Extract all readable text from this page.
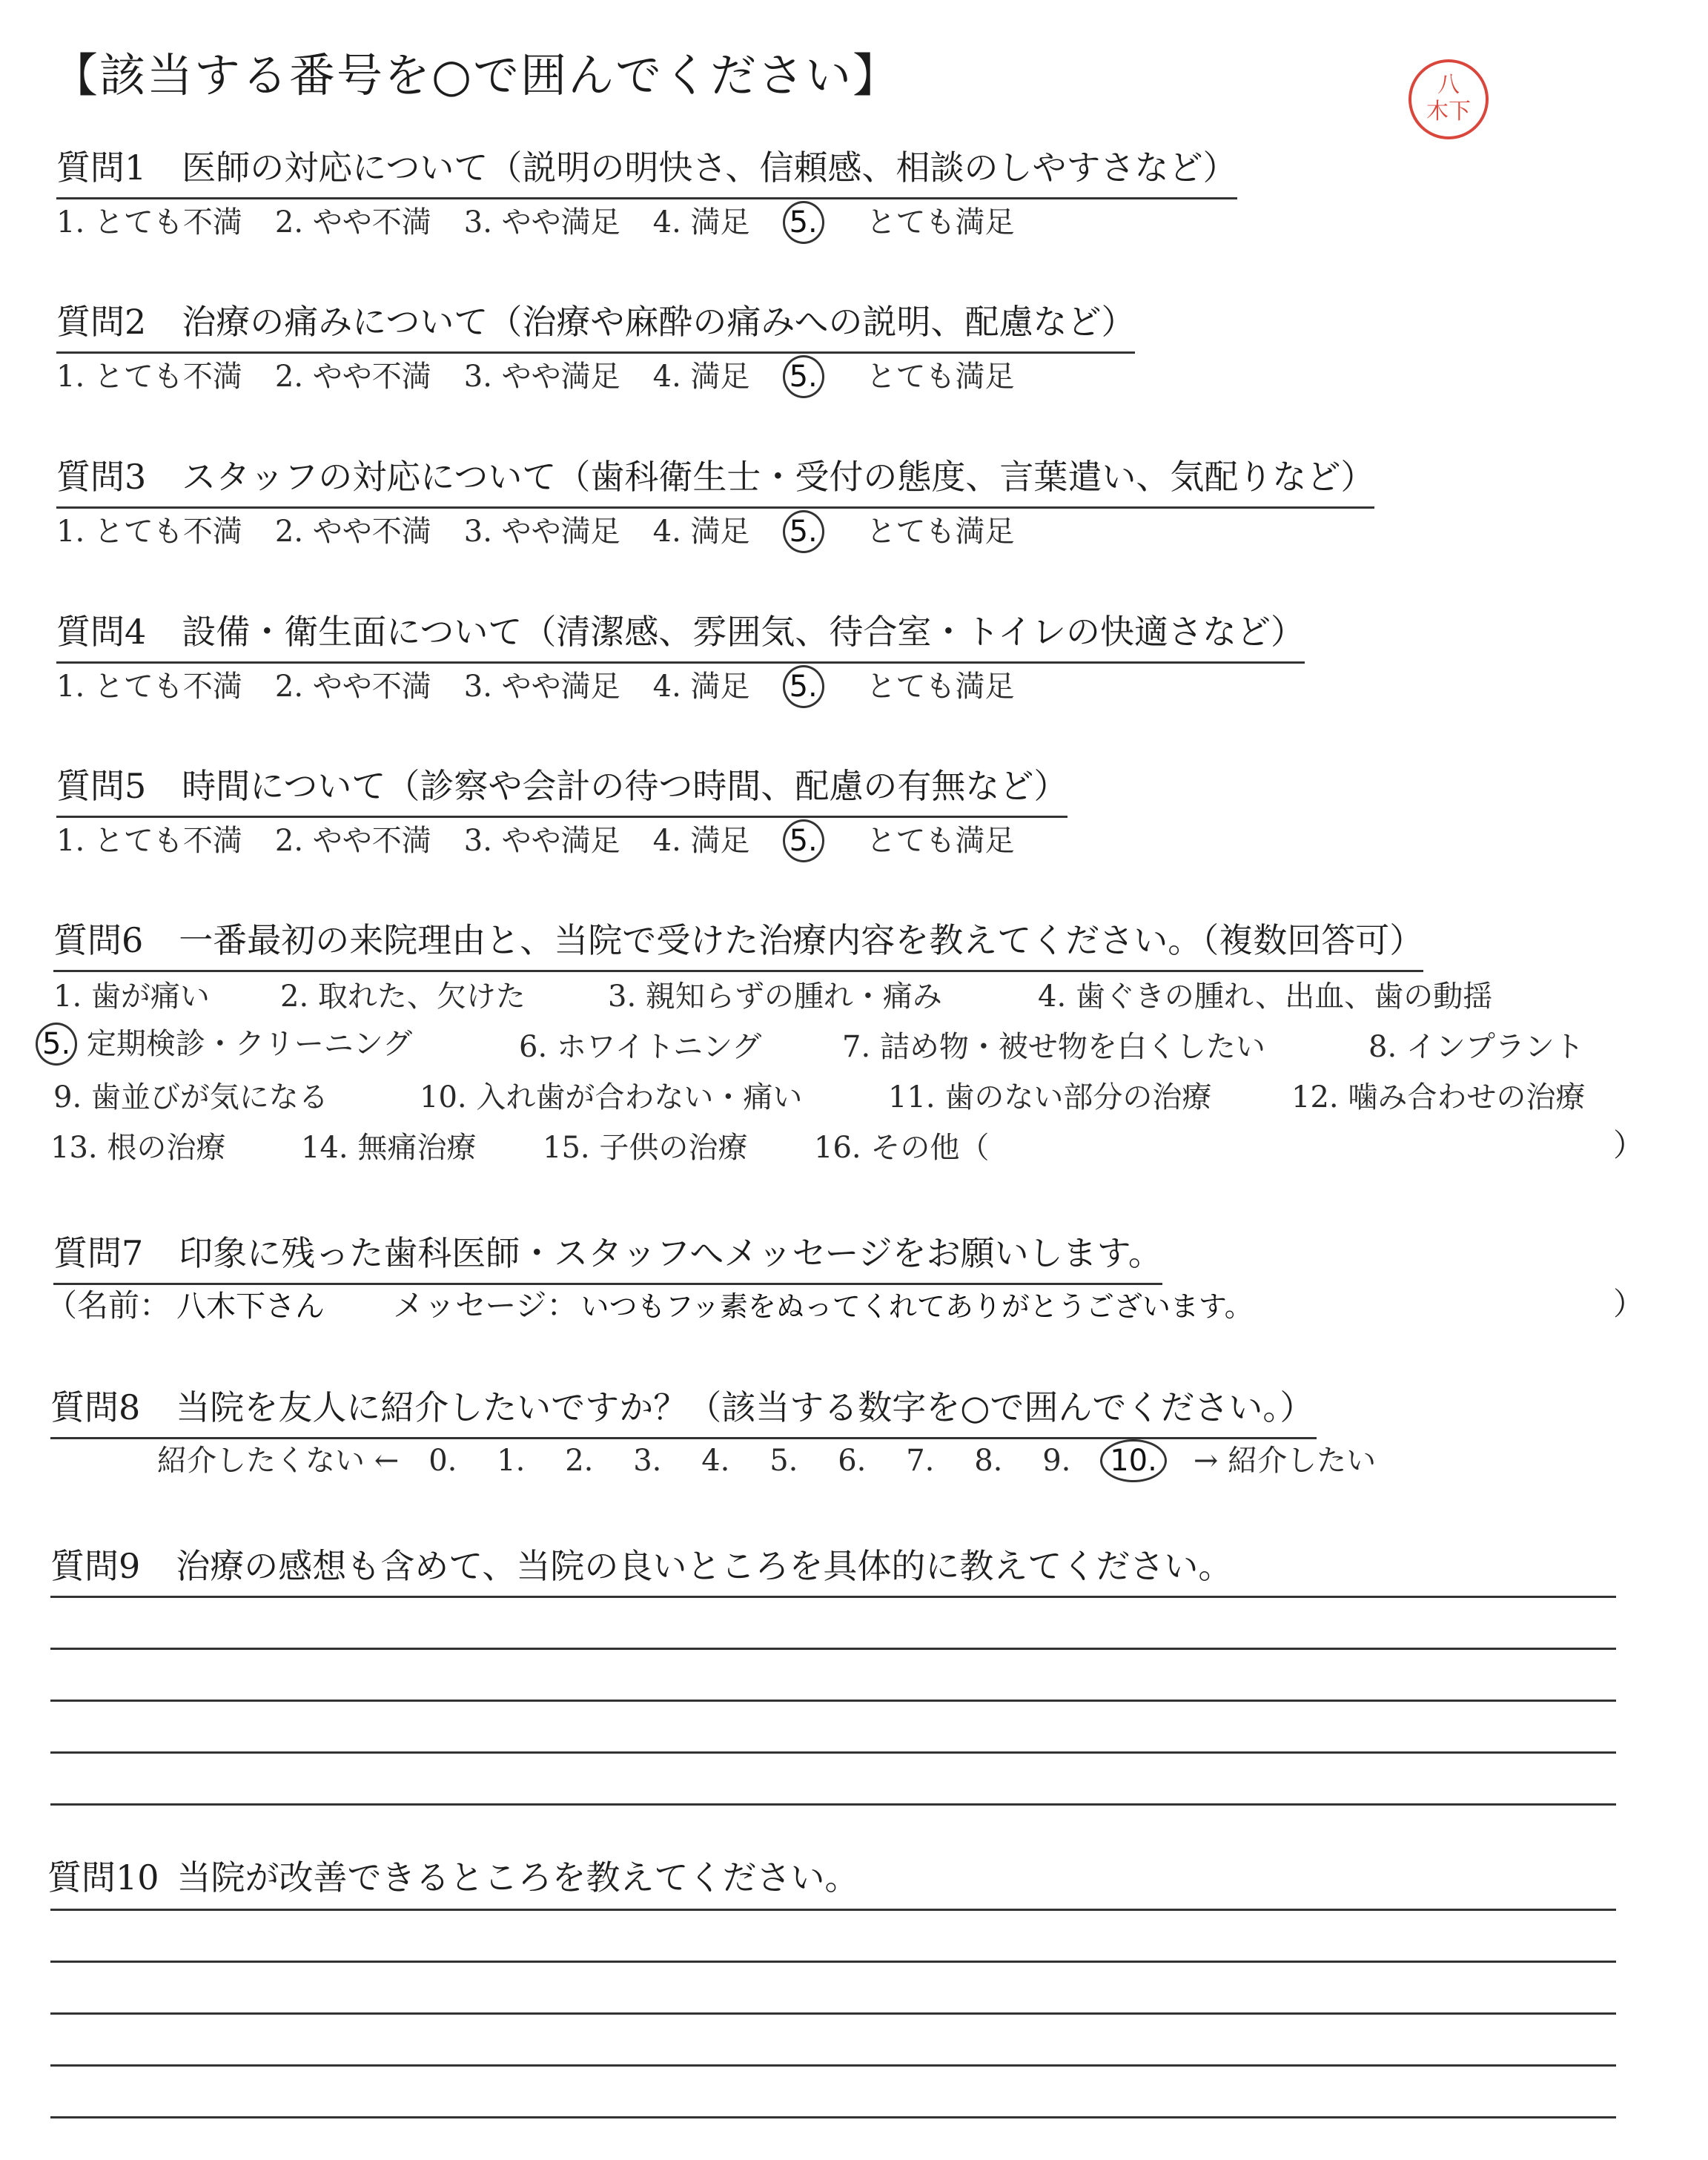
【該当する番号を○で囲んでください】	八
木下
質問1 医師の対応について（説明の明快さ、信頼感、相談のしやすさなど）
1. とても不満 2. やや不満 3. やや満足 4. 満足 5. とても満足
質問2 治療の痛みについて（治療や麻酔の痛みへの説明、配慮など）
1. とても不満 2. やや不満 3. やや満足 4. 満足 5. とても満足
質問3 スタッフの対応について（歯科衛生士・受付の態度、言葉遣い、気配りなど）
1. とても不満 2. やや不満 3. やや満足 4. 満足 5. とても満足
質問4 設備・衛生面について（清潔感、雰囲気、待合室・トイレの快適さなど）
1. とても不満 2. やや不満 3. やや満足 4. 満足 5. とても満足
質問5 時間について（診察や会計の待つ時間、配慮の有無など）
1. とても不満 2. やや不満 3. やや満足 4. 満足 5. とても満足
質問6 一番最初の来院理由と、当院で受けた治療内容を教えてください。（複数回答可）
1. 歯が痛い 2. 取れた、欠けた	3. 親知らずの腫れ・痛み	4. 歯ぐきの腫れ、出血、歯の動揺
5. 定期検診・クリーニング	6. ホワイトニング	7. 詰め物・被せ物を白くしたい	8. インプラント
9. 歯並びが気になる	10. 入れ歯が合わない・痛い	11. 歯のない部分の治療	12. 噛み合わせの治療
13. 根の治療	14. 無痛治療 15. 子供の治療 16. その他（	）
質問7 印象に残った歯科医師・スタッフへメッセージをお願いします。
（名前： 八木下さん メッセージ： いつもフッ素をぬってくれてありがとうございます。	）
質問8 当院を友人に紹介したいですか？（該当する数字を○で囲んでください。）
紹介したくない ← 0. 1. 2. 3. 4. 5. 6. 7. 8. 9. 10. → 紹介したい
質問9 治療の感想も含めて、当院の良いところを具体的に教えてください。
質問10 当院が改善できるところを教えてください。
